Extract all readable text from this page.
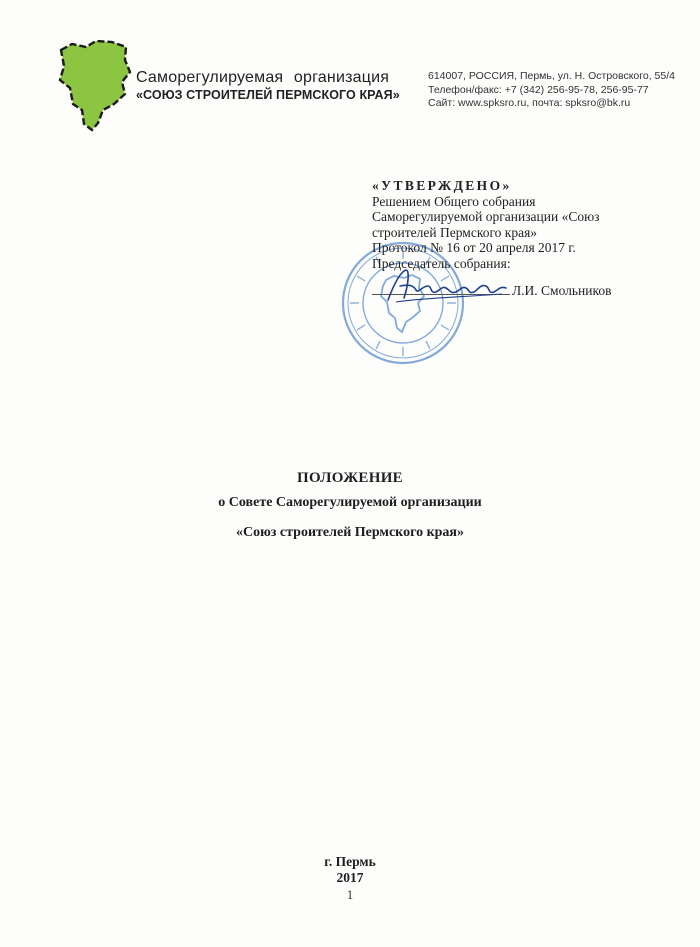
Саморегулируемая организация
«СОЮЗ СТРОИТЕЛЕЙ ПЕРМСКОГО КРАЯ»
614007, РОССИЯ, Пермь, ул. Н. Островского, 55/4
Телефон/факс: +7 (342) 256-95-78, 256-95-77
Сайт: www.spksro.ru, почта: spksro@bk.ru
«УТВЕРЖДЕНО»
Решением Общего собрания
Саморегулируемой организации «Союз
строителей Пермского края»
Протокол № 16 от 20 апреля 2017 г.
Председатель собрания:
Л.И. Смольников
ПОЛОЖЕНИЕ
о Совете Саморегулируемой организации
«Союз строителей Пермского края»
г. Пермь
2017
1
